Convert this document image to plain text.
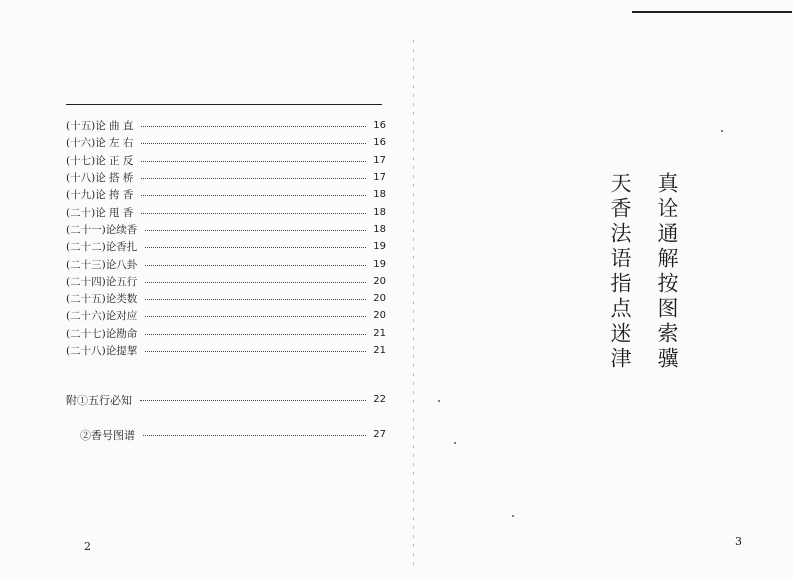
(十五)论 曲 直	16
(十六)论 左 右	16
(十七)论 正 反	17
(十八)论 搭 桥	17
(十九)论 挎 香	18
(二十)论 甩 香	18
(二十一)论续香	18
(二十二)论香扎	19
(二十三)论八卦	19
(二十四)论五行	20
(二十五)论类数	20
(二十六)论对应	20
(二十七)论勘命	21
(二十八)论提挈	21
附①五行必知	22
②香号图谱	27
2
真诠通解按图索骥
天香法语指点迷津
3
